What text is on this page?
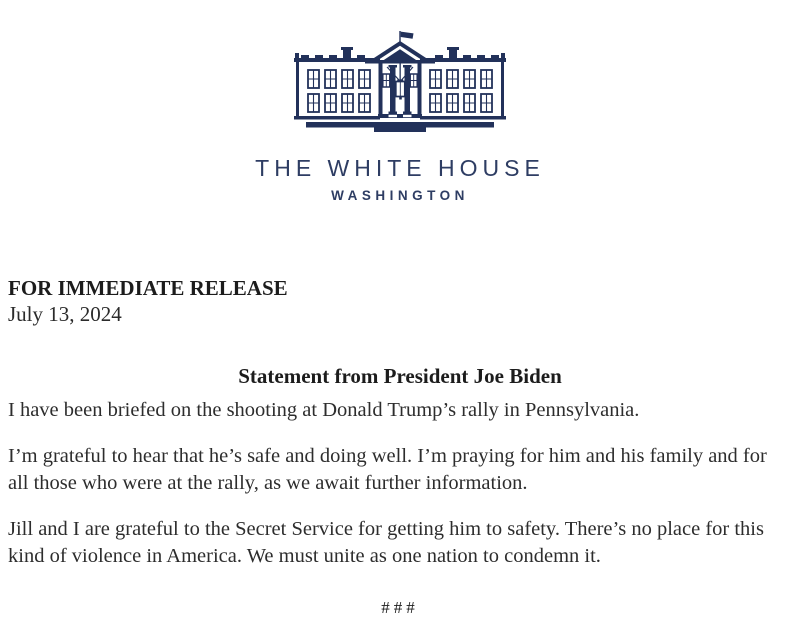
THE WHITE HOUSE
WASHINGTON
FOR IMMEDIATE RELEASE
July 13, 2024
Statement from President Joe Biden
I have been briefed on the shooting at Donald Trump’s rally in Pennsylvania.
I’m grateful to hear that he’s safe and doing well. I’m praying for him and his family and for
all those who were at the rally, as we await further information.
Jill and I are grateful to the Secret Service for getting him to safety. There’s no place for this
kind of violence in America. We must unite as one nation to condemn it.
###
